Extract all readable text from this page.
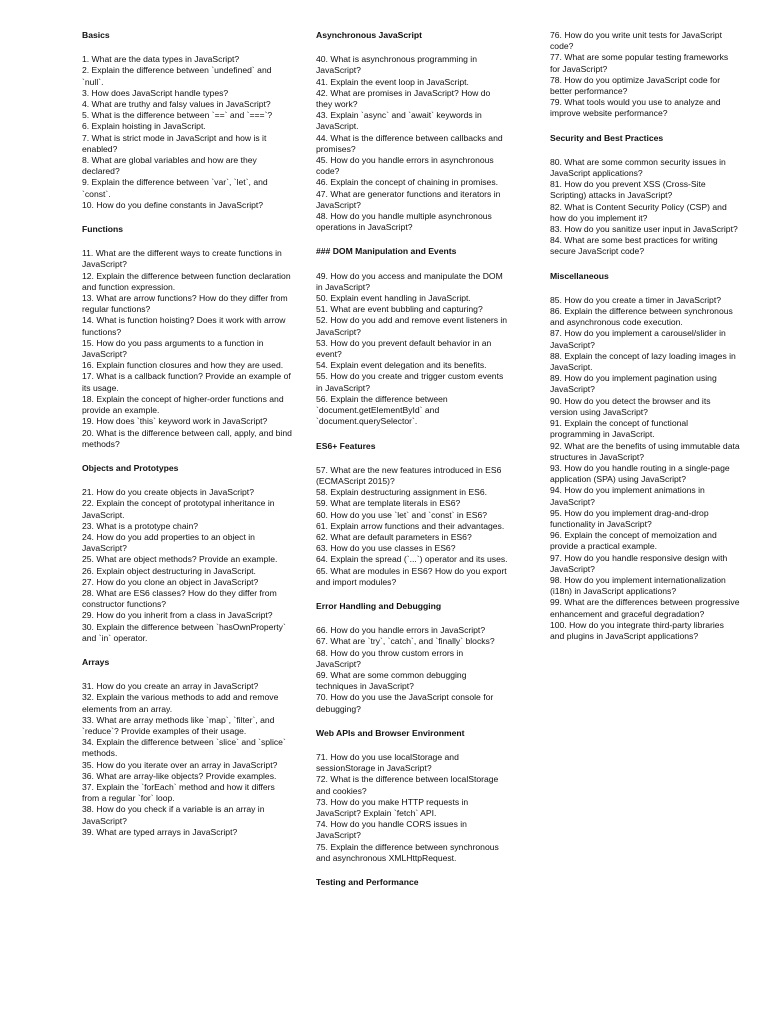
Basics
1. What are the data types in JavaScript?
2. Explain the difference between `undefined` and `null`.
3. How does JavaScript handle types?
4. What are truthy and falsy values in JavaScript?
5. What is the difference between `==` and `===`?
6. Explain hoisting in JavaScript.
7. What is strict mode in JavaScript and how is it enabled?
8. What are global variables and how are they declared?
9. Explain the difference between `var`, `let`, and `const`.
10. How do you define constants in JavaScript?
Functions
11. What are the different ways to create functions in JavaScript?
12. Explain the difference between function declaration and function expression.
13. What are arrow functions? How do they differ from regular functions?
14. What is function hoisting? Does it work with arrow functions?
15. How do you pass arguments to a function in JavaScript?
16. Explain function closures and how they are used.
17. What is a callback function? Provide an example of its usage.
18. Explain the concept of higher-order functions and provide an example.
19. How does `this` keyword work in JavaScript?
20. What is the difference between call, apply, and bind methods?
Objects and Prototypes
21. How do you create objects in JavaScript?
22. Explain the concept of prototypal inheritance in JavaScript.
23. What is a prototype chain?
24. How do you add properties to an object in JavaScript?
25. What are object methods? Provide an example.
26. Explain object destructuring in JavaScript.
27. How do you clone an object in JavaScript?
28. What are ES6 classes? How do they differ from constructor functions?
29. How do you inherit from a class in JavaScript?
30. Explain the difference between `hasOwnProperty` and `in` operator.
Arrays
31. How do you create an array in JavaScript?
32. Explain the various methods to add and remove elements from an array.
33. What are array methods like `map`, `filter`, and `reduce`? Provide examples of their usage.
34. Explain the difference between `slice` and `splice` methods.
35. How do you iterate over an array in JavaScript?
36. What are array-like objects? Provide examples.
37. Explain the `forEach` method and how it differs from a regular `for` loop.
38. How do you check if a variable is an array in JavaScript?
39. What are typed arrays in JavaScript?
Asynchronous JavaScript
40. What is asynchronous programming in JavaScript?
41. Explain the event loop in JavaScript.
42. What are promises in JavaScript? How do they work?
43. Explain `async` and `await` keywords in JavaScript.
44. What is the difference between callbacks and promises?
45. How do you handle errors in asynchronous code?
46. Explain the concept of chaining in promises.
47. What are generator functions and iterators in JavaScript?
48. How do you handle multiple asynchronous operations in JavaScript?
### DOM Manipulation and Events
49. How do you access and manipulate the DOM in JavaScript?
50. Explain event handling in JavaScript.
51. What are event bubbling and capturing?
52. How do you add and remove event listeners in JavaScript?
53. How do you prevent default behavior in an event?
54. Explain event delegation and its benefits.
55. How do you create and trigger custom events in JavaScript?
56. Explain the difference between `document.getElementById` and `document.querySelector`.
ES6+ Features
57. What are the new features introduced in ES6 (ECMAScript 2015)?
58. Explain destructuring assignment in ES6.
59. What are template literals in ES6?
60. How do you use `let` and `const` in ES6?
61. Explain arrow functions and their advantages.
62. What are default parameters in ES6?
63. How do you use classes in ES6?
64. Explain the spread (`...`) operator and its uses.
65. What are modules in ES6? How do you export and import modules?
Error Handling and Debugging
66. How do you handle errors in JavaScript?
67. What are `try`, `catch`, and `finally` blocks?
68. How do you throw custom errors in JavaScript?
69. What are some common debugging techniques in JavaScript?
70. How do you use the JavaScript console for debugging?
Web APIs and Browser Environment
71. How do you use localStorage and sessionStorage in JavaScript?
72. What is the difference between localStorage and cookies?
73. How do you make HTTP requests in JavaScript? Explain `fetch` API.
74. How do you handle CORS issues in JavaScript?
75. Explain the difference between synchronous and asynchronous XMLHttpRequest.
Testing and Performance
76. How do you write unit tests for JavaScript code?
77. What are some popular testing frameworks for JavaScript?
78. How do you optimize JavaScript code for better performance?
79. What tools would you use to analyze and improve website performance?
Security and Best Practices
80. What are some common security issues in JavaScript applications?
81. How do you prevent XSS (Cross-Site Scripting) attacks in JavaScript?
82. What is Content Security Policy (CSP) and how do you implement it?
83. How do you sanitize user input in JavaScript?
84. What are some best practices for writing secure JavaScript code?
Miscellaneous
85. How do you create a timer in JavaScript?
86. Explain the difference between synchronous and asynchronous code execution.
87. How do you implement a carousel/slider in JavaScript?
88. Explain the concept of lazy loading images in JavaScript.
89. How do you implement pagination using JavaScript?
90. How do you detect the browser and its version using JavaScript?
91. Explain the concept of functional programming in JavaScript.
92. What are the benefits of using immutable data structures in JavaScript?
93. How do you handle routing in a single-page application (SPA) using JavaScript?
94. How do you implement animations in JavaScript?
95. How do you implement drag-and-drop functionality in JavaScript?
96. Explain the concept of memoization and provide a practical example.
97. How do you handle responsive design with JavaScript?
98. How do you implement internationalization (i18n) in JavaScript applications?
99. What are the differences between progressive enhancement and graceful degradation?
100. How do you integrate third-party libraries and plugins in JavaScript applications?
